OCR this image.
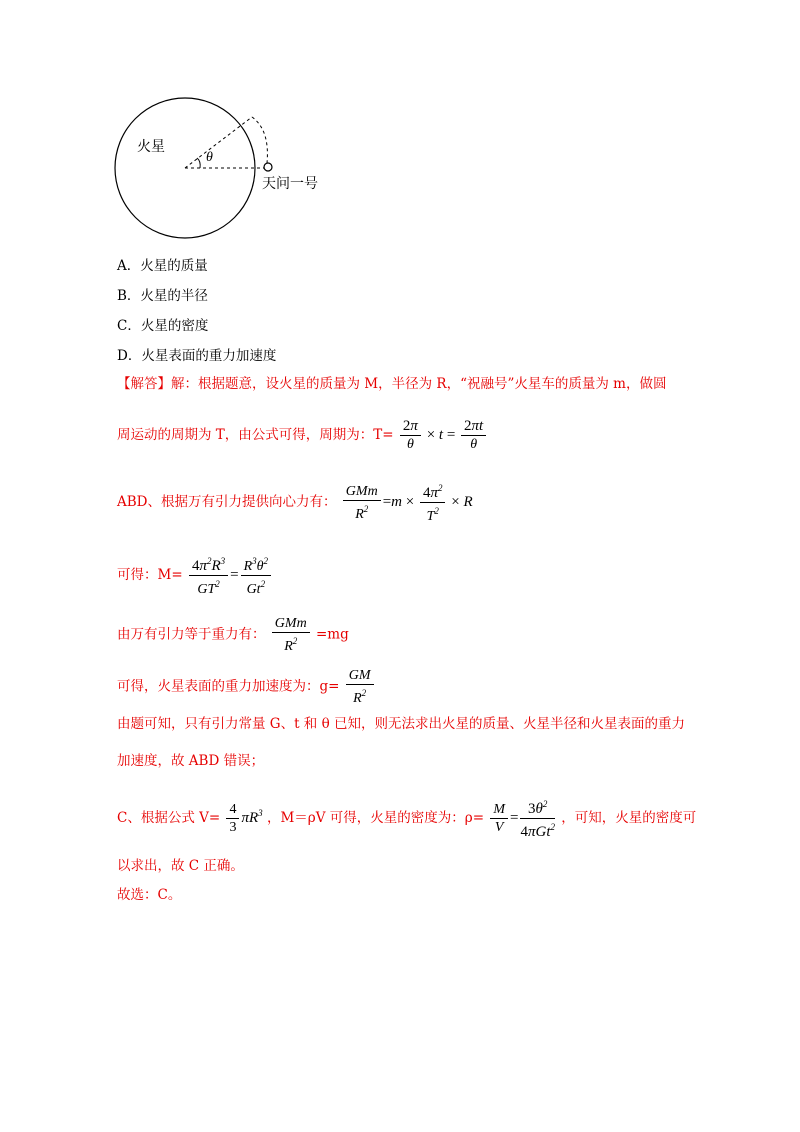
火星
θ
天问一号
A．火星的质量
B．火星的半径
C．火星的密度
D．火星表面的重力加速度
【解答】解：根据题意，设火星的质量为 M，半径为 R，“祝融号”火星车的质量为 m，做圆
周运动的周期为 T，由公式可得，周期为：$T= \frac{2\pi}{\theta} \times t = \frac{2\pi t}{\theta}$
ABD、根据万有引力提供向心力有： $\frac{\text{GMm}}{R^2} =m \times \frac{4\pi^2}{T^2} \times R$
可得：$M= \frac{4\pi^2R^3}{GT^2} = \frac{R^3\theta^2}{Gt^2}$
由万有引力等于重力有： $\frac{\text{GMm}}{R^2} =mg$
可得，火星表面的重力加速度为：$g= \frac{GM}{R^2}$
由题可知，只有引力常量 G、t 和 θ 已知，则无法求出火星的质量、火星半径和火星表面的重力
加速度，故 ABD 错误；
C、根据公式 $V= \frac{4}{3} \pi R^3$ ，M＝ρV 可得，火星的密度为：$\rho= \frac{M}{V} = \frac{3\theta^2}{4\pi Gt^2}$ ，可知，火星的密度可
以求出，故 C 正确。
故选：C。
